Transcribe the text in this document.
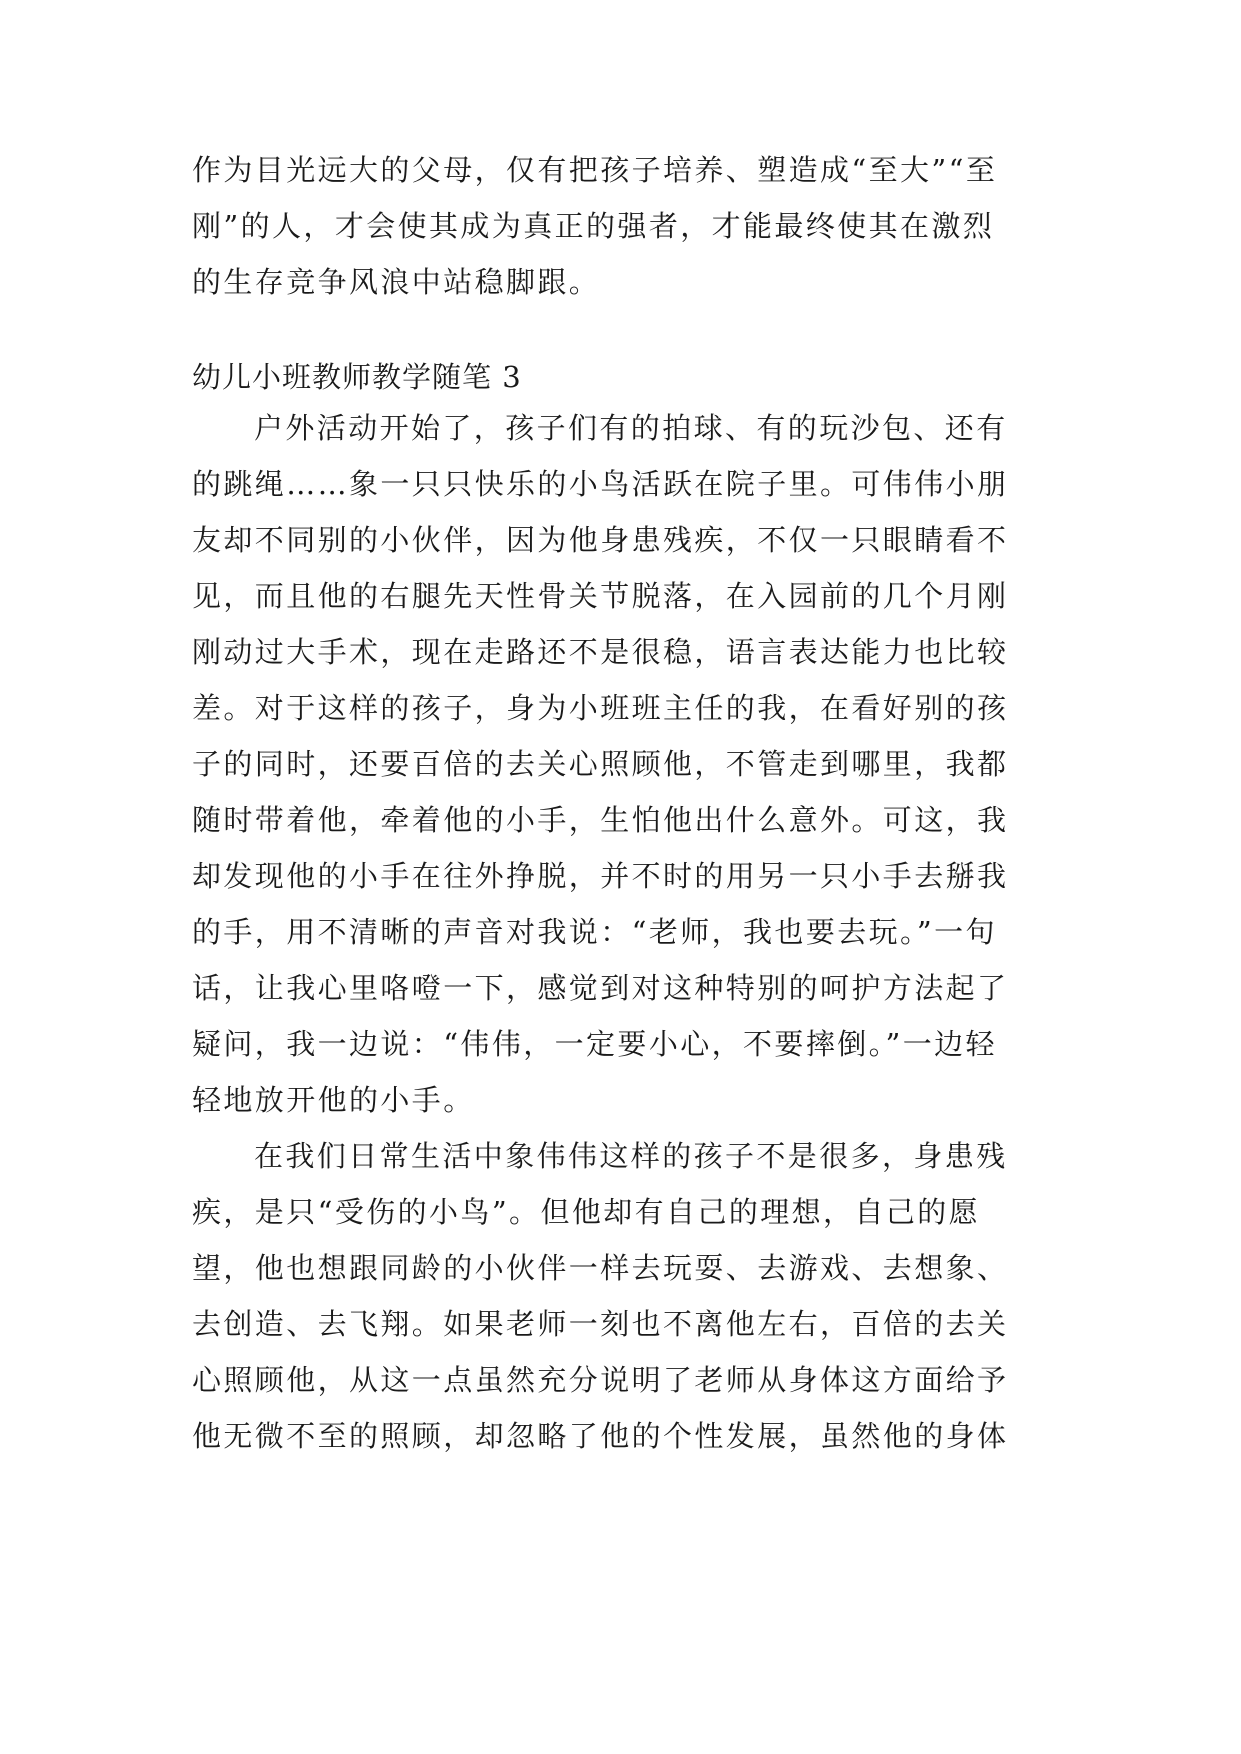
作为目光远大的父母，仅有把孩子培养、塑造成“至大”“至
刚”的人，才会使其成为真正的强者，才能最终使其在激烈
的生存竞争风浪中站稳脚跟。
幼儿小班教师教学随笔 3
户外活动开始了，孩子们有的拍球、有的玩沙包、还有
的跳绳……象一只只快乐的小鸟活跃在院子里。可伟伟小朋
友却不同别的小伙伴，因为他身患残疾，不仅一只眼睛看不
见，而且他的右腿先天性骨关节脱落，在入园前的几个月刚
刚动过大手术，现在走路还不是很稳，语言表达能力也比较
差。对于这样的孩子，身为小班班主任的我，在看好别的孩
子的同时，还要百倍的去关心照顾他，不管走到哪里，我都
随时带着他，牵着他的小手，生怕他出什么意外。可这，我
却发现他的小手在往外挣脱，并不时的用另一只小手去掰我
的手，用不清晰的声音对我说：“老师，我也要去玩。”一句
话，让我心里咯噔一下，感觉到对这种特别的呵护方法起了
疑问，我一边说：“伟伟，一定要小心，不要摔倒。”一边轻
轻地放开他的小手。
在我们日常生活中象伟伟这样的孩子不是很多，身患残
疾，是只“受伤的小鸟”。但他却有自己的理想，自己的愿
望，他也想跟同龄的小伙伴一样去玩耍、去游戏、去想象、
去创造、去飞翔。如果老师一刻也不离他左右，百倍的去关
心照顾他，从这一点虽然充分说明了老师从身体这方面给予
他无微不至的照顾，却忽略了他的个性发展，虽然他的身体
